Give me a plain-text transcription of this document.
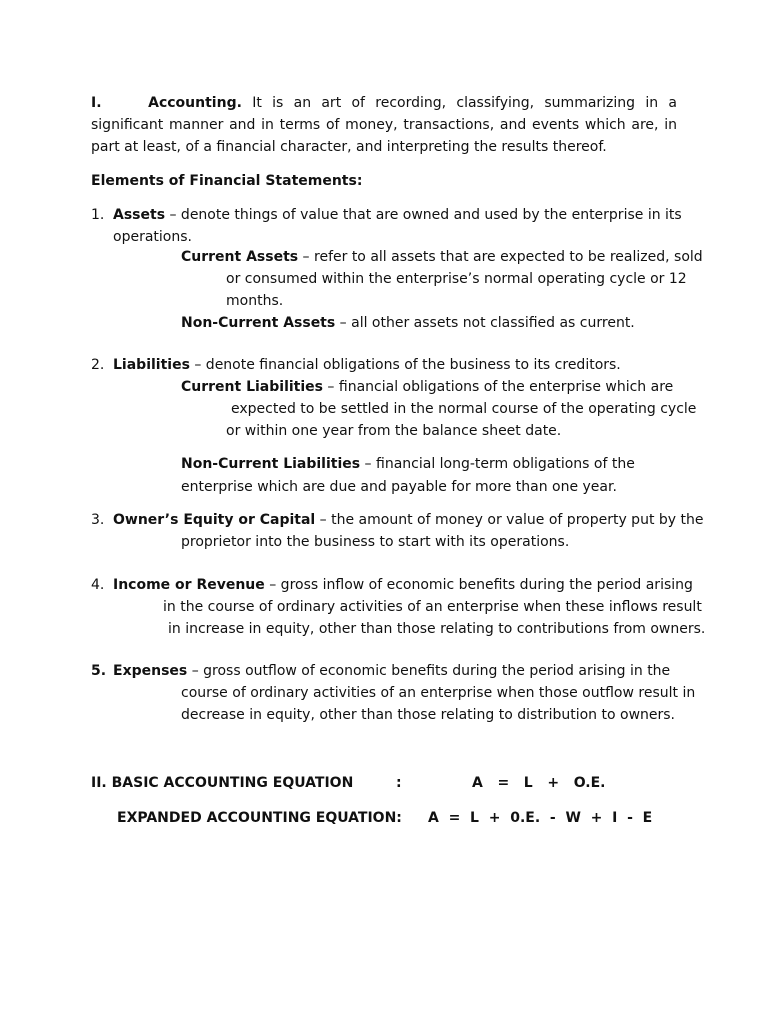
I.	Accounting. It is an art of recording, classifying, summarizing in a significant manner and in terms of money, transactions, and events which are, in part at least, of a financial character, and interpreting the results thereof.
Elements of Financial Statements:
1. Assets – denote things of value that are owned and used by the enterprise in its
operations.
Current Assets – refer to all assets that are expected to be realized, sold
or consumed within the enterprise’s normal operating cycle or 12
months.
Non-Current Assets – all other assets not classified as current.
2. Liabilities – denote financial obligations of the business to its creditors.
Current Liabilities – financial obligations of the enterprise which are
expected to be settled in the normal course of the operating cycle
or within one year from the balance sheet date.
Non-Current Liabilities – financial long-term obligations of the
enterprise which are due and payable for more than one year.
3. Owner’s Equity or Capital – the amount of money or value of property put by the
proprietor into the business to start with its operations.
4. Income or Revenue – gross inflow of economic benefits during the period arising
in the course of ordinary activities of an enterprise when these inflows result
in increase in equity, other than those relating to contributions from owners.
5. Expenses – gross outflow of economic benefits during the period arising in the
course of ordinary activities of an enterprise when those outflow result in
decrease in equity, other than those relating to distribution to owners.
II. BASIC ACCOUNTING EQUATION	:	A   =   L   +   O.E.
EXPANDED ACCOUNTING EQUATION: A  =  L  +  0.E.  -  W  +  I  -  E
